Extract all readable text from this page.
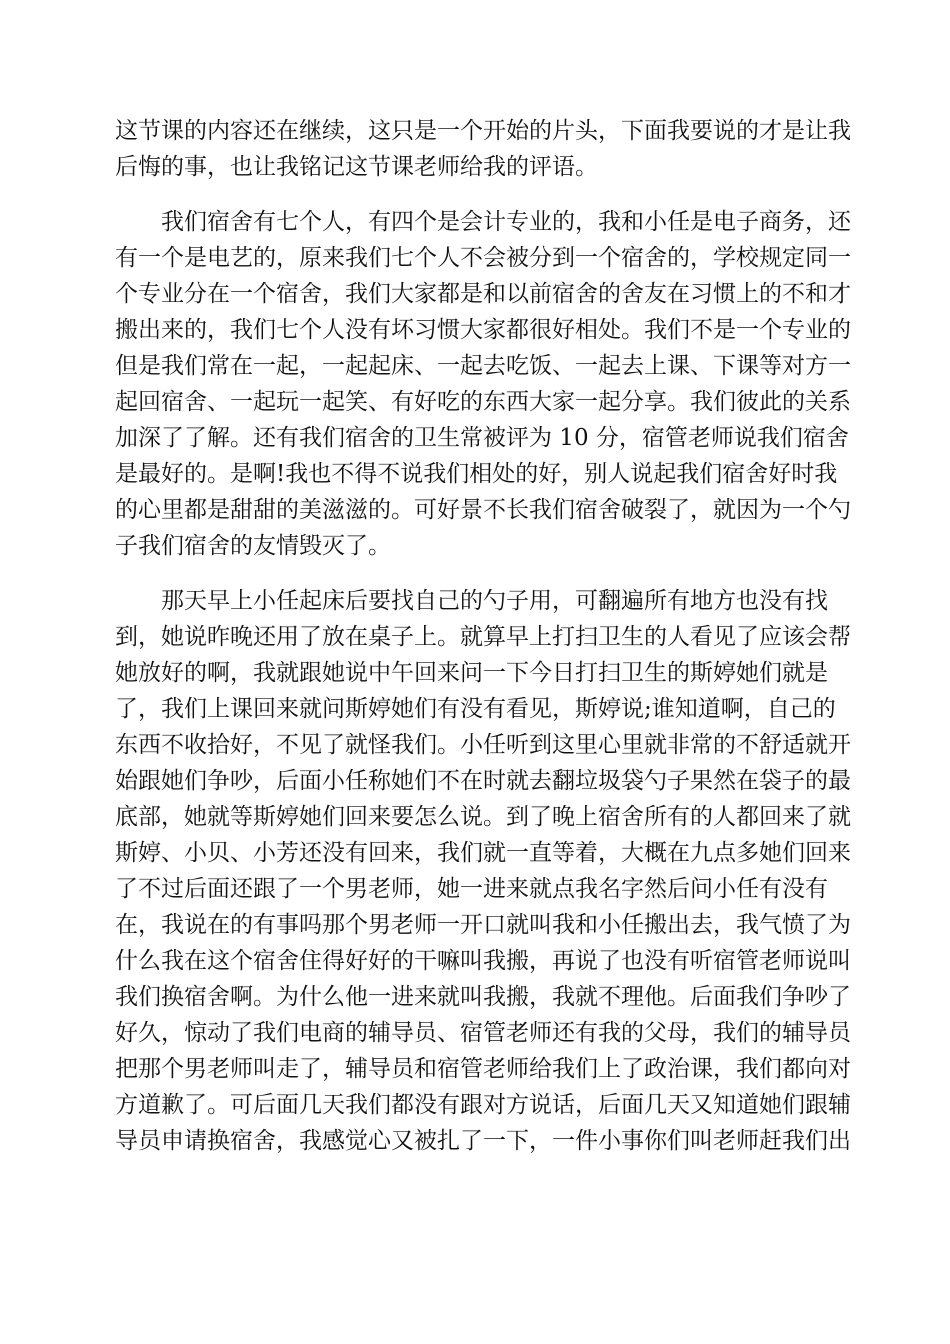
这节课的内容还在继续，这只是一个开始的片头，下面我要说的才是让我
后悔的事，也让我铭记这节课老师给我的评语。
我们宿舍有七个人，有四个是会计专业的，我和小任是电子商务，还
有一个是电艺的，原来我们七个人不会被分到一个宿舍的，学校规定同一
个专业分在一个宿舍，我们大家都是和以前宿舍的舍友在习惯上的不和才
搬出来的，我们七个人没有坏习惯大家都很好相处。我们不是一个专业的
但是我们常在一起，一起起床、一起去吃饭、一起去上课、下课等对方一
起回宿舍、一起玩一起笑、有好吃的东西大家一起分享。我们彼此的关系
加深了了解。还有我们宿舍的卫生常被评为 10 分，宿管老师说我们宿舍
是最好的。是啊!我也不得不说我们相处的好，别人说起我们宿舍好时我
的心里都是甜甜的美滋滋的。可好景不长我们宿舍破裂了，就因为一个勺
子我们宿舍的友情毁灭了。
那天早上小任起床后要找自己的勺子用，可翻遍所有地方也没有找
到，她说昨晚还用了放在桌子上。就算早上打扫卫生的人看见了应该会帮
她放好的啊，我就跟她说中午回来问一下今日打扫卫生的斯婷她们就是
了，我们上课回来就问斯婷她们有没有看见，斯婷说;谁知道啊，自己的
东西不收拾好，不见了就怪我们。小任听到这里心里就非常的不舒适就开
始跟她们争吵，后面小任称她们不在时就去翻垃圾袋勺子果然在袋子的最
底部，她就等斯婷她们回来要怎么说。到了晚上宿舍所有的人都回来了就
斯婷、小贝、小芳还没有回来，我们就一直等着，大概在九点多她们回来
了不过后面还跟了一个男老师，她一进来就点我名字然后问小任有没有
在，我说在的有事吗那个男老师一开口就叫我和小任搬出去，我气愤了为
什么我在这个宿舍住得好好的干嘛叫我搬，再说了也没有听宿管老师说叫
我们换宿舍啊。为什么他一进来就叫我搬，我就不理他。后面我们争吵了
好久，惊动了我们电商的辅导员、宿管老师还有我的父母，我们的辅导员
把那个男老师叫走了，辅导员和宿管老师给我们上了政治课，我们都向对
方道歉了。可后面几天我们都没有跟对方说话，后面几天又知道她们跟辅
导员申请换宿舍，我感觉心又被扎了一下，一件小事你们叫老师赶我们出
